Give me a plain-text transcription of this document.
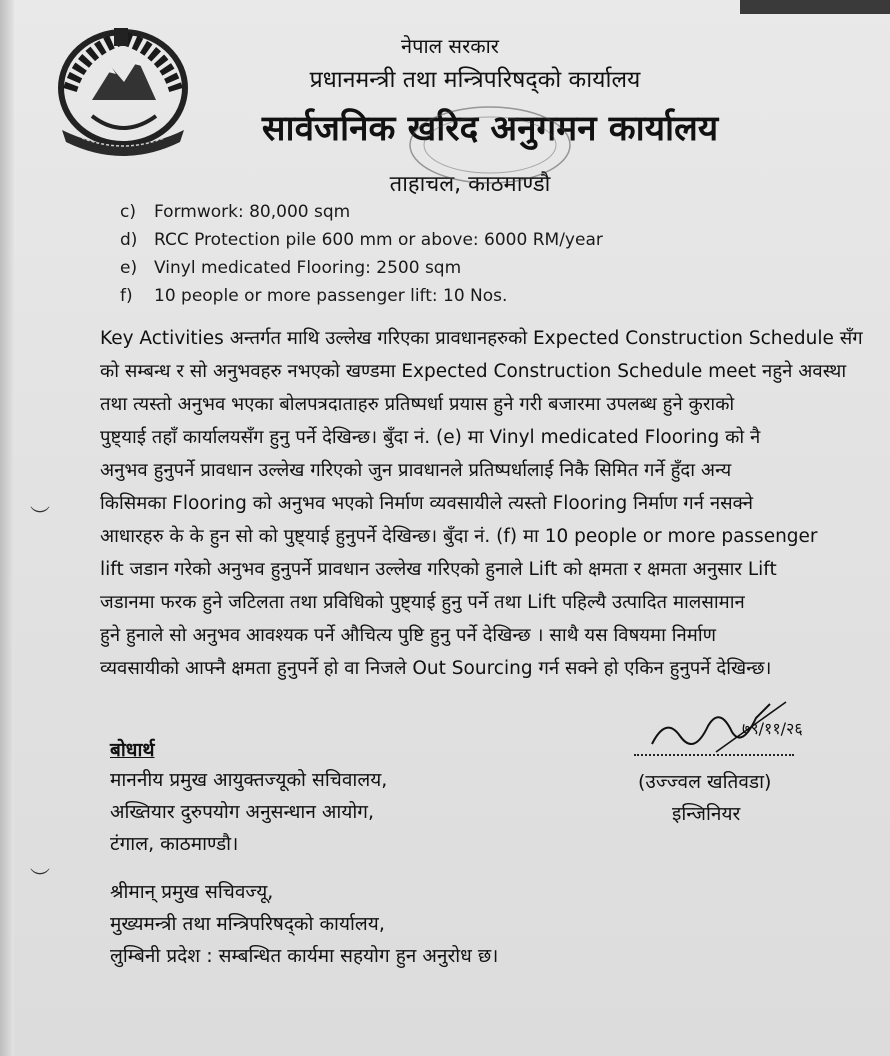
नेपाल सरकार
प्रधानमन्त्री तथा मन्त्रिपरिषद्को कार्यालय
सार्वजनिक खरिद अनुगमन कार्यालय
ताहाचल, काठमाण्डौ
c)	Formwork: 80,000 sqm
d) RCC Protection pile 600 mm or above: 6000 RM/year
e) Vinyl medicated Flooring: 2500 sqm
f)	10 people or more passenger lift: 10 Nos.
Key Activities अन्तर्गत माथि उल्लेख गरिएका प्रावधानहरुको Expected Construction Schedule सँग
को सम्बन्ध र सो अनुभवहरु नभएको खण्डमा Expected Construction Schedule meet नहुने अवस्था
तथा त्यस्तो अनुभव भएका बोलपत्रदाताहरु प्रतिष्पर्धा प्रयास हुने गरी बजारमा उपलब्ध हुने कुराको
पुष्ट्याई तहाँ कार्यालयसँग हुनु पर्ने देखिन्छ। बुँदा नं. (e) मा Vinyl medicated Flooring को नै
अनुभव हुनुपर्ने प्रावधान उल्लेख गरिएको जुन प्रावधानले प्रतिष्पर्धालाई निकै सिमित गर्ने हुँदा अन्य
किसिमका Flooring को अनुभव भएको निर्माण व्यवसायीले त्यस्तो Flooring निर्माण गर्न नसक्ने
आधारहरु के के हुन सो को पुष्ट्याई हुनुपर्ने देखिन्छ। बुँदा नं. (f) मा 10 people or more passenger
lift जडान गरेको अनुभव हुनुपर्ने प्रावधान उल्लेख गरिएको हुनाले Lift को क्षमता र क्षमता अनुसार Lift
जडानमा फरक हुने जटिलता तथा प्रविधिको पुष्ट्याई हुनु पर्ने तथा Lift पहिल्यै उत्पादित मालसामान
हुने हुनाले सो अनुभव आवश्यक पर्ने औचित्य पुष्टि हुनु पर्ने देखिन्छ । साथै यस विषयमा निर्माण
व्यवसायीको आफ्नै क्षमता हुनुपर्ने हो वा निजले Out Sourcing गर्न सक्ने हो एकिन हुनुपर्ने देखिन्छ।
︶
︶
७९/११/२६
(उज्ज्वल खतिवडा)
इन्जिनियर
बोधार्थ
माननीय प्रमुख आयुक्तज्यूको सचिवालय,
अख्तियार दुरुपयोग अनुसन्धान आयोग,
टंगाल, काठमाण्डौ।
श्रीमान् प्रमुख सचिवज्यू,
मुख्यमन्त्री तथा मन्त्रिपरिषद्को कार्यालय,
लुम्बिनी प्रदेश : सम्बन्धित कार्यमा सहयोग हुन अनुरोध छ।
